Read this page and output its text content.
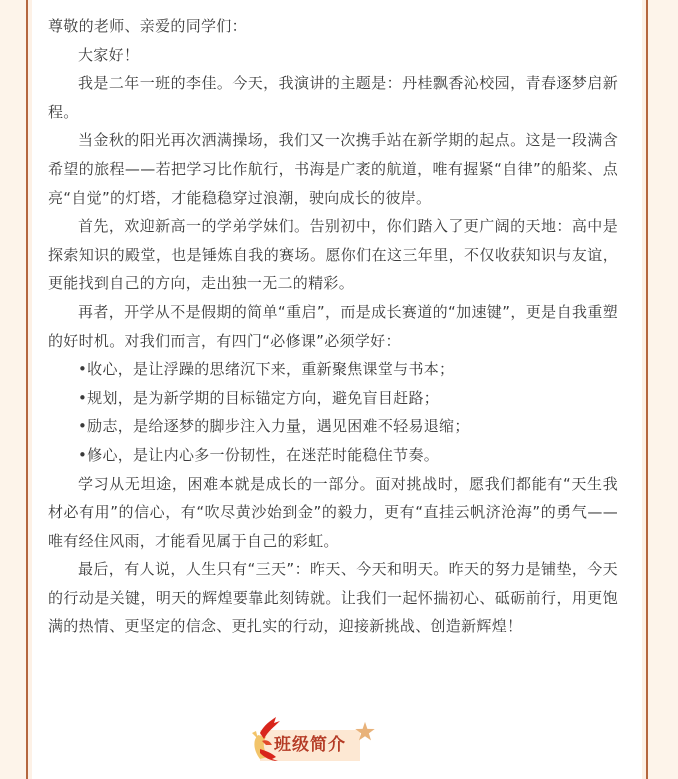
尊敬的老师、亲爱的同学们：

大家好！

我是二年一班的李佳。今天，我演讲的主题是：丹桂飘香沁校园，青春逐梦启新程。

当金秋的阳光再次洒满操场，我们又一次携手站在新学期的起点。这是一段满含希望的旅程——若把学习比作航行，书海是广袤的航道，唯有握紧“自律”的船桨、点亮“自觉”的灯塔，才能稳稳穿过浪潮，驶向成长的彼岸。

首先，欢迎新高一的学弟学妹们。告别初中，你们踏入了更广阔的天地：高中是探索知识的殿堂，也是锤炼自我的赛场。愿你们在这三年里，不仅收获知识与友谊，更能找到自己的方向，走出独一无二的精彩。

再者，开学从不是假期的简单“重启”，而是成长赛道的“加速键”，更是自我重塑的好时机。对我们而言，有四门“必修课”必须学好：

•收心，是让浮躁的思绪沉下来，重新聚焦课堂与书本；

•规划，是为新学期的目标锚定方向，避免盲目赶路；

•励志，是给逐梦的脚步注入力量，遇见困难不轻易退缩；

•修心，是让内心多一份韧性，在迷茫时能稳住节奏。

学习从无坦途，困难本就是成长的一部分。面对挑战时，愿我们都能有“天生我材必有用”的信心，有“吹尽黄沙始到金”的毅力，更有“直挂云帆济沧海”的勇气——唯有经住风雨，才能看见属于自己的彩虹。

最后，有人说，人生只有“三天”：昨天、今天和明天。昨天的努力是铺垫，今天的行动是关键，明天的辉煌要靠此刻铸就。让我们一起怀揣初心、砥砺前行，用更饱满的热情、更坚定的信念、更扎实的行动，迎接新挑战、创造新辉煌！

班级简介
